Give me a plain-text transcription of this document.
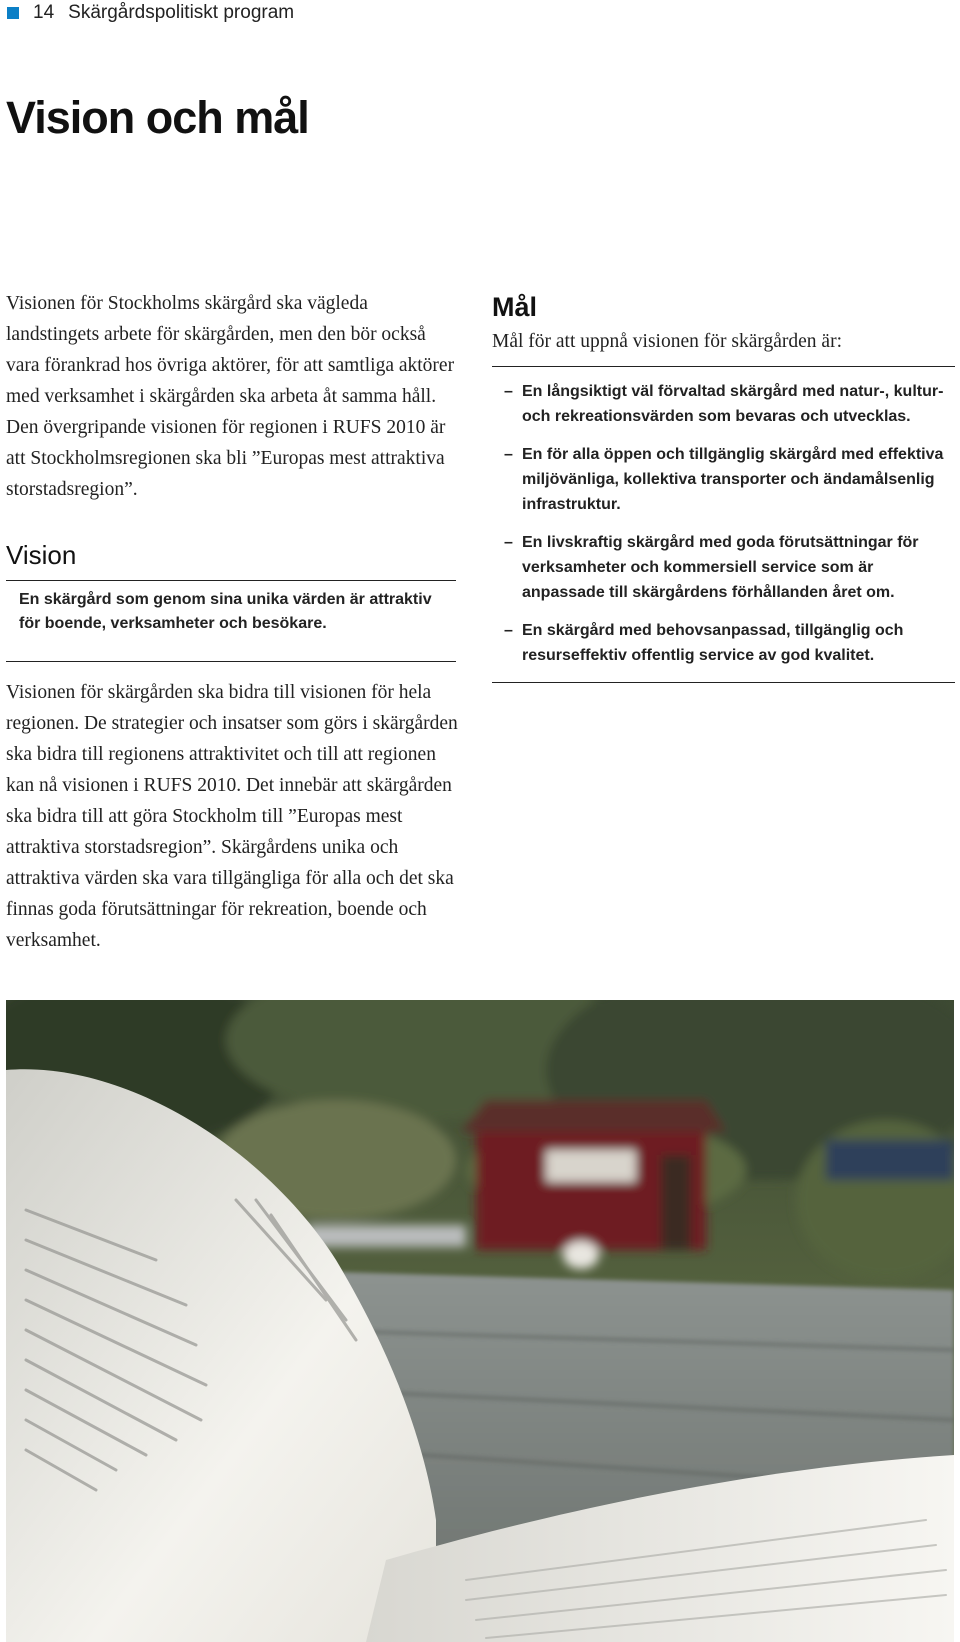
14 Skärgårdspolitiskt program
Vision och mål

Visionen för Stockholms skärgård ska vägleda landstingets arbete för skärgården, men den bör också vara förankrad hos övriga aktörer, för att samtliga aktörer med verksamhet i skärgården ska arbeta åt samma håll. Den övergripande visionen för regionen i RUFS 2010 är att Stockholmsregionen ska bli ”Europas mest attraktiva storstadsregion”.

Vision
En skärgård som genom sina unika värden är attraktiv för boende, verksamheter och besökare.

Visionen för skärgården ska bidra till visionen för hela regionen. De strategier och insatser som görs i skärgården ska bidra till regionens attraktivitet och till att regionen kan nå visionen i RUFS 2010. Det innebär att skärgården ska bidra till att göra Stockholm till ”Europas mest attraktiva storstadsregion”. Skärgårdens unika och attraktiva värden ska vara tillgängliga för alla och det ska finnas goda förutsättningar för rekreation, boende och verksamhet.

Mål

Mål för att uppnå visionen för skärgården är:

– En långsiktigt väl förvaltad skärgård med natur-, kultur- och rekreationsvärden som bevaras och utvecklas.
– En för alla öppen och tillgänglig skärgård med effektiva miljövänliga, kollektiva transporter och ändamålsenlig infrastruktur.
– En livskraftig skärgård med goda förutsättningar för verksamheter och kommersiell service som är anpassade till skärgårdens förhållanden året om.
– En skärgård med behovsanpassad, tillgänglig och resurseffektiv offentlig service av god kvalitet.
